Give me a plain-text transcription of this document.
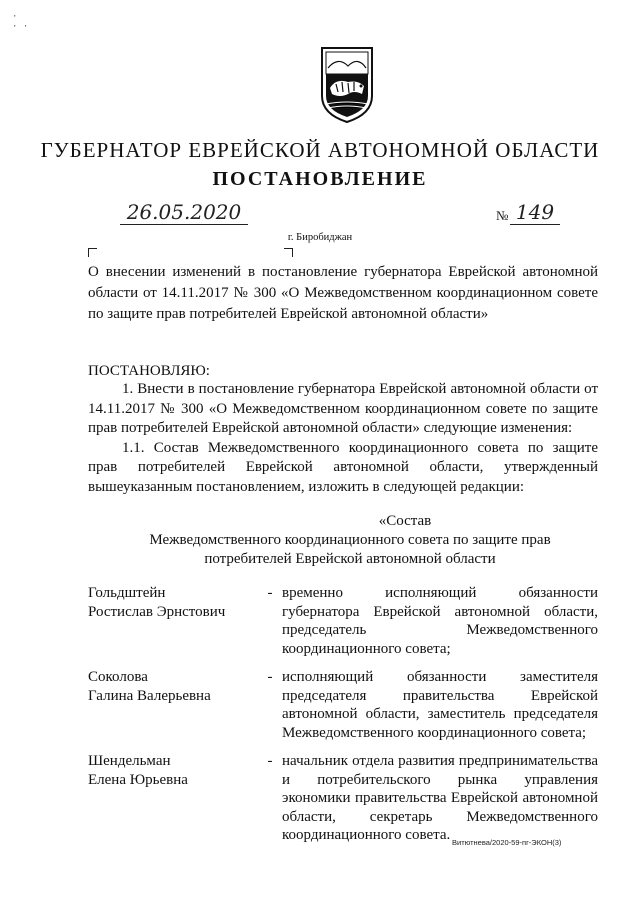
·
· ·
ГУБЕРНАТОР ЕВРЕЙСКОЙ АВТОНОМНОЙ ОБЛАСТИ
ПОСТАНОВЛЕНИЕ
26.05.2020	№ 149
г. Биробиджан
О внесении изменений в постановление губернатора Еврейской автономной области от 14.11.2017 № 300 «О Межведомственном координационном совете по защите прав потребителей Еврейской автономной области»
ПОСТАНОВЛЯЮ:

1. Внести в постановление губернатора Еврейской автономной области от 14.11.2017 № 300 «О Межведомственном координационном совете по защите прав потребителей Еврейской автономной области» следующие изменения:

1.1. Состав Межведомственного координационного совета по защите прав потребителей Еврейской автономной области, утвержденный вышеуказанным постановлением, изложить в следующей редакции:

«Состав
Межведомственного координационного совета по защите прав
потребителей Еврейской автономной области
Гольдштейн
Ростислав Эрнстович
- временно исполняющий обязанности губернатора Еврейской автономной области, председатель Межведомственного координационного совета;
Соколова
Галина Валерьевна
- исполняющий обязанности заместителя председателя правительства Еврейской автономной области, заместитель председателя Межведомственного координационного совета;
Шендельман
Елена Юрьевна
- начальник отдела развития предпринимательства и потребительского рынка управления экономики правительства Еврейской автономной области, секретарь Межведомственного координационного совета. Витютнева/2020-59-пг-ЭКОН(3)
